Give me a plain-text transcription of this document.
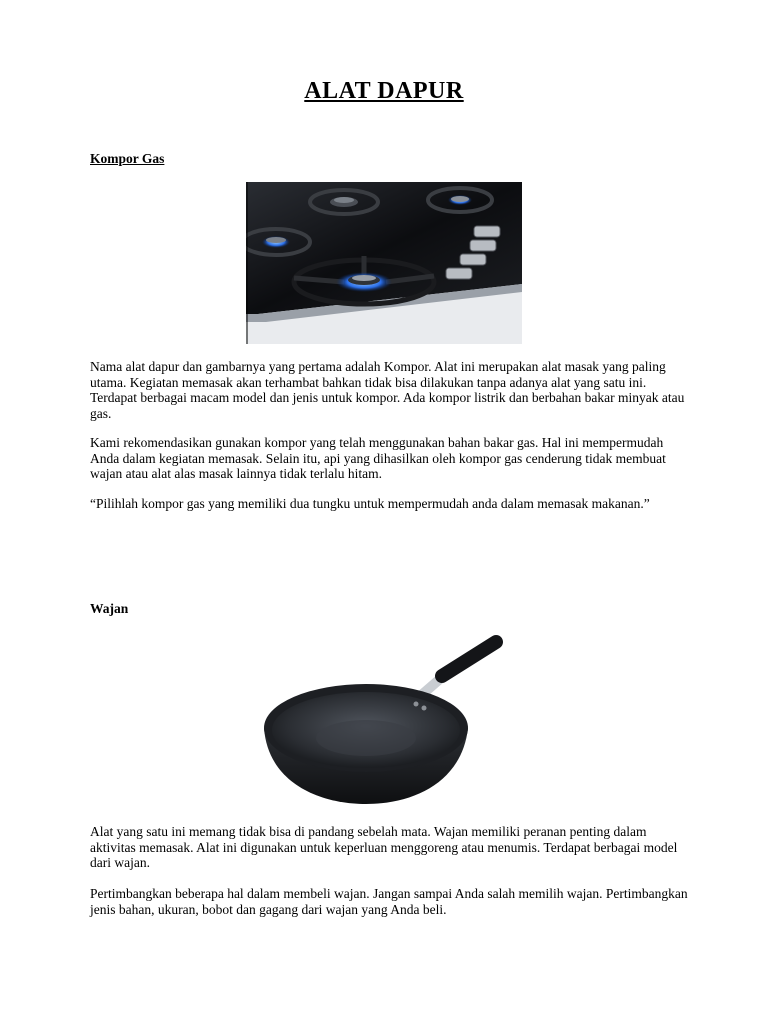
ALAT DAPUR
Kompor Gas

Nama alat dapur dan gambarnya yang pertama adalah Kompor. Alat ini merupakan alat masak yang paling utama. Kegiatan memasak akan terhambat bahkan tidak bisa dilakukan tanpa adanya alat yang satu ini. Terdapat berbagai macam model dan jenis untuk kompor. Ada kompor listrik dan berbahan bakar minyak atau gas.

Kami rekomendasikan gunakan kompor yang telah menggunakan bahan bakar gas. Hal ini mempermudah Anda dalam kegiatan memasak. Selain itu, api yang dihasilkan oleh kompor gas cenderung tidak membuat wajan atau alat alas masak lainnya tidak terlalu hitam.

“Pilihlah kompor gas yang memiliki dua tungku untuk mempermudah anda dalam memasak makanan.”

Wajan

Alat yang satu ini memang tidak bisa di pandang sebelah mata. Wajan memiliki peranan penting dalam aktivitas memasak. Alat ini digunakan untuk keperluan menggoreng atau menumis. Terdapat berbagai model dari wajan.

Pertimbangkan beberapa hal dalam membeli wajan. Jangan sampai Anda salah memilih wajan. Pertimbangkan jenis bahan, ukuran, bobot dan gagang dari wajan yang Anda beli.
